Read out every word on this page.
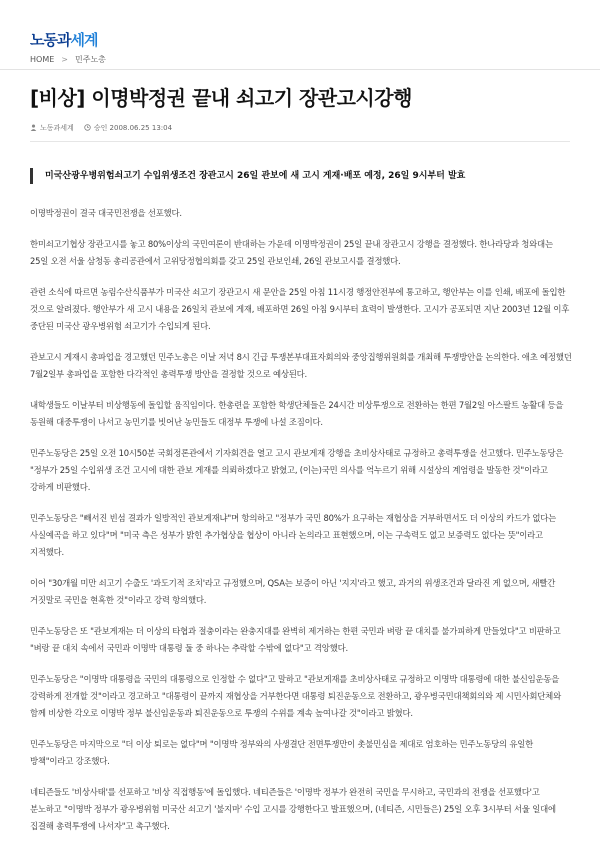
노동과세계
HOME > 민주노총
[비상] 이명박정권 끝내 쇠고기 장관고시강행
노동과세계	승인 2008.06.25 13:04
미국산광우병위험쇠고기 수입위생조건 장관고시 26일 관보에 새 고시 게재·배포 예정, 26일 9시부터 발효

이명박정권이 결국 대국민전쟁을 선포했다.

한미쇠고기협상 장관고시를 놓고 80%이상의 국민여론이 반대하는 가운데 이명박정권이 25일 끝내 장관고시 강행을 결정했다. 한나라당과 청와대는 25일 오전 서울 삼청동 총리공관에서 고위당정협의회를 갖고 25일 관보인쇄, 26일 관보고시를 결정했다.

관련 소식에 따르면 농림수산식품부가 미국산 쇠고기 장관고시 새 문안을 25일 아침 11시경 행정안전부에 통고하고, 행안부는 이를 인쇄, 배포에 돌입한 것으로 알려졌다. 행안부가 새 고시 내용을 26일치 관보에 게재, 배포하면 26일 아침 9시부터 효력이 발생한다. 고시가 공포되면 지난 2003년 12월 이후 중단된 미국산 광우병위험 쇠고기가 수입되게 된다.

관보고시 게재시 총파업을 경고했던 민주노총은 이날 저녁 8시 긴급 투쟁본부대표자회의와 중앙집행위원회를 개최해 투쟁방안을 논의한다. 애초 예정했던 7월2일부 총파업을 포함한 다각적인 총력투쟁 방안을 결정할 것으로 예상된다.

내학생들도 이날부터 비상행동에 돌입할 움직임이다. 한총련을 포함한 학생단체들은 24시간 비상투쟁으로 전환하는 한편 7월2일 아스팔트 농활대 등을 동원해 대중투쟁이 나서고 농민기를 빗어난 농민들도 대정부 투쟁에 나설 조짐이다.

민주노동당은 25일 오전 10시50분 국회정론관에서 기자회견을 열고 고시 관보게재 강행을 초비상사태로 규정하고 총력투쟁을 선고했다. 민주노동당은 "정부가 25일 수입위생 조건 고시에 대한 관보 게재를 의뢰하겠다고 밝혔고, (이는)국민 의사를 억누르기 위해 시설상의 계엄령을 발동한 것"이라고 강하게 비판했다.

민주노동당은 "빼서진 빈섬 결과가 일방적인 관보게재냐"며 항의하고 "정부가 국민 80%가 요구하는 재협상을 거부하면서도 더 이상의 카드가 없다는 사실예곡을 하고 있다"며 "미국 측은 성부가 밝힌 추가협상을 협상이 아니라 논의라고 표현했으며, 이는 구속력도 없고 보증력도 없다는 뜻"이라고 지적했다.

이어 "30개월 미만 쇠고기 수출도 '과도기적 조치'라고 규정했으며, QSA는 보증이 아닌 '지지'라고 했고, 과거의 위생조건과 달라진 게 없으며, 새빨간 거짓말로 국민을 현혹한 것"이라고 강력 항의했다.

민주노동당은 또 "관보게재는 더 이상의 타협과 절충이라는 완충지대를 완벽히 제거하는 한편 국민과 벼랑 끝 대치를 불가피하게 만들었다"고 비판하고 "벼랑 끝 대치 속에서 국민과 이명박 대통령 둘 중 하나는 추락할 수밖에 없다"고 격앙했다.

민주노동당은 "이명박 대통령을 국민의 대통령으로 인정할 수 없다"고 말하고 "관보게재를 초비상사태로 규정하고 이명박 대통령에 대한 불신임운동을 강력하게 전개할 것"이라고 경고하고 "대통령이 끝까지 재협상을 거부한다면 대통령 퇴진운동으로 전환하고, 광우병국민대책회의와 제 시민사회단체와 함께 비상한 각오로 이명박 정부 불신임운동과 퇴진운동으로 투쟁의 수위를 계속 높여나갈 것"이라고 밝혔다.

민주노동당은 마지막으로 "더 이상 퇴로는 없다"며 "이명박 정부와의 사생결단 전면투쟁만이 촛불민심을 제대로 엄호하는 민주노동당의 유일한 방책"이라고 강조했다.

네티즌들도 '비상사태'를 선포하고 '비상 직접행동'에 돌입했다. 네티즌들은 '이명박 정부가 완전히 국민을 무시하고, 국민과의 전쟁을 선포했다'고 분노하고 "이명박 정부가 광우병위험 미국산 쇠고기 '불지마' 수입 고시를 강행한다고 발표했으며, (네티즌, 시민들은) 25일 오후 3시부터 서울 일대에 집결해 총력투쟁에 나서자"고 촉구했다.
